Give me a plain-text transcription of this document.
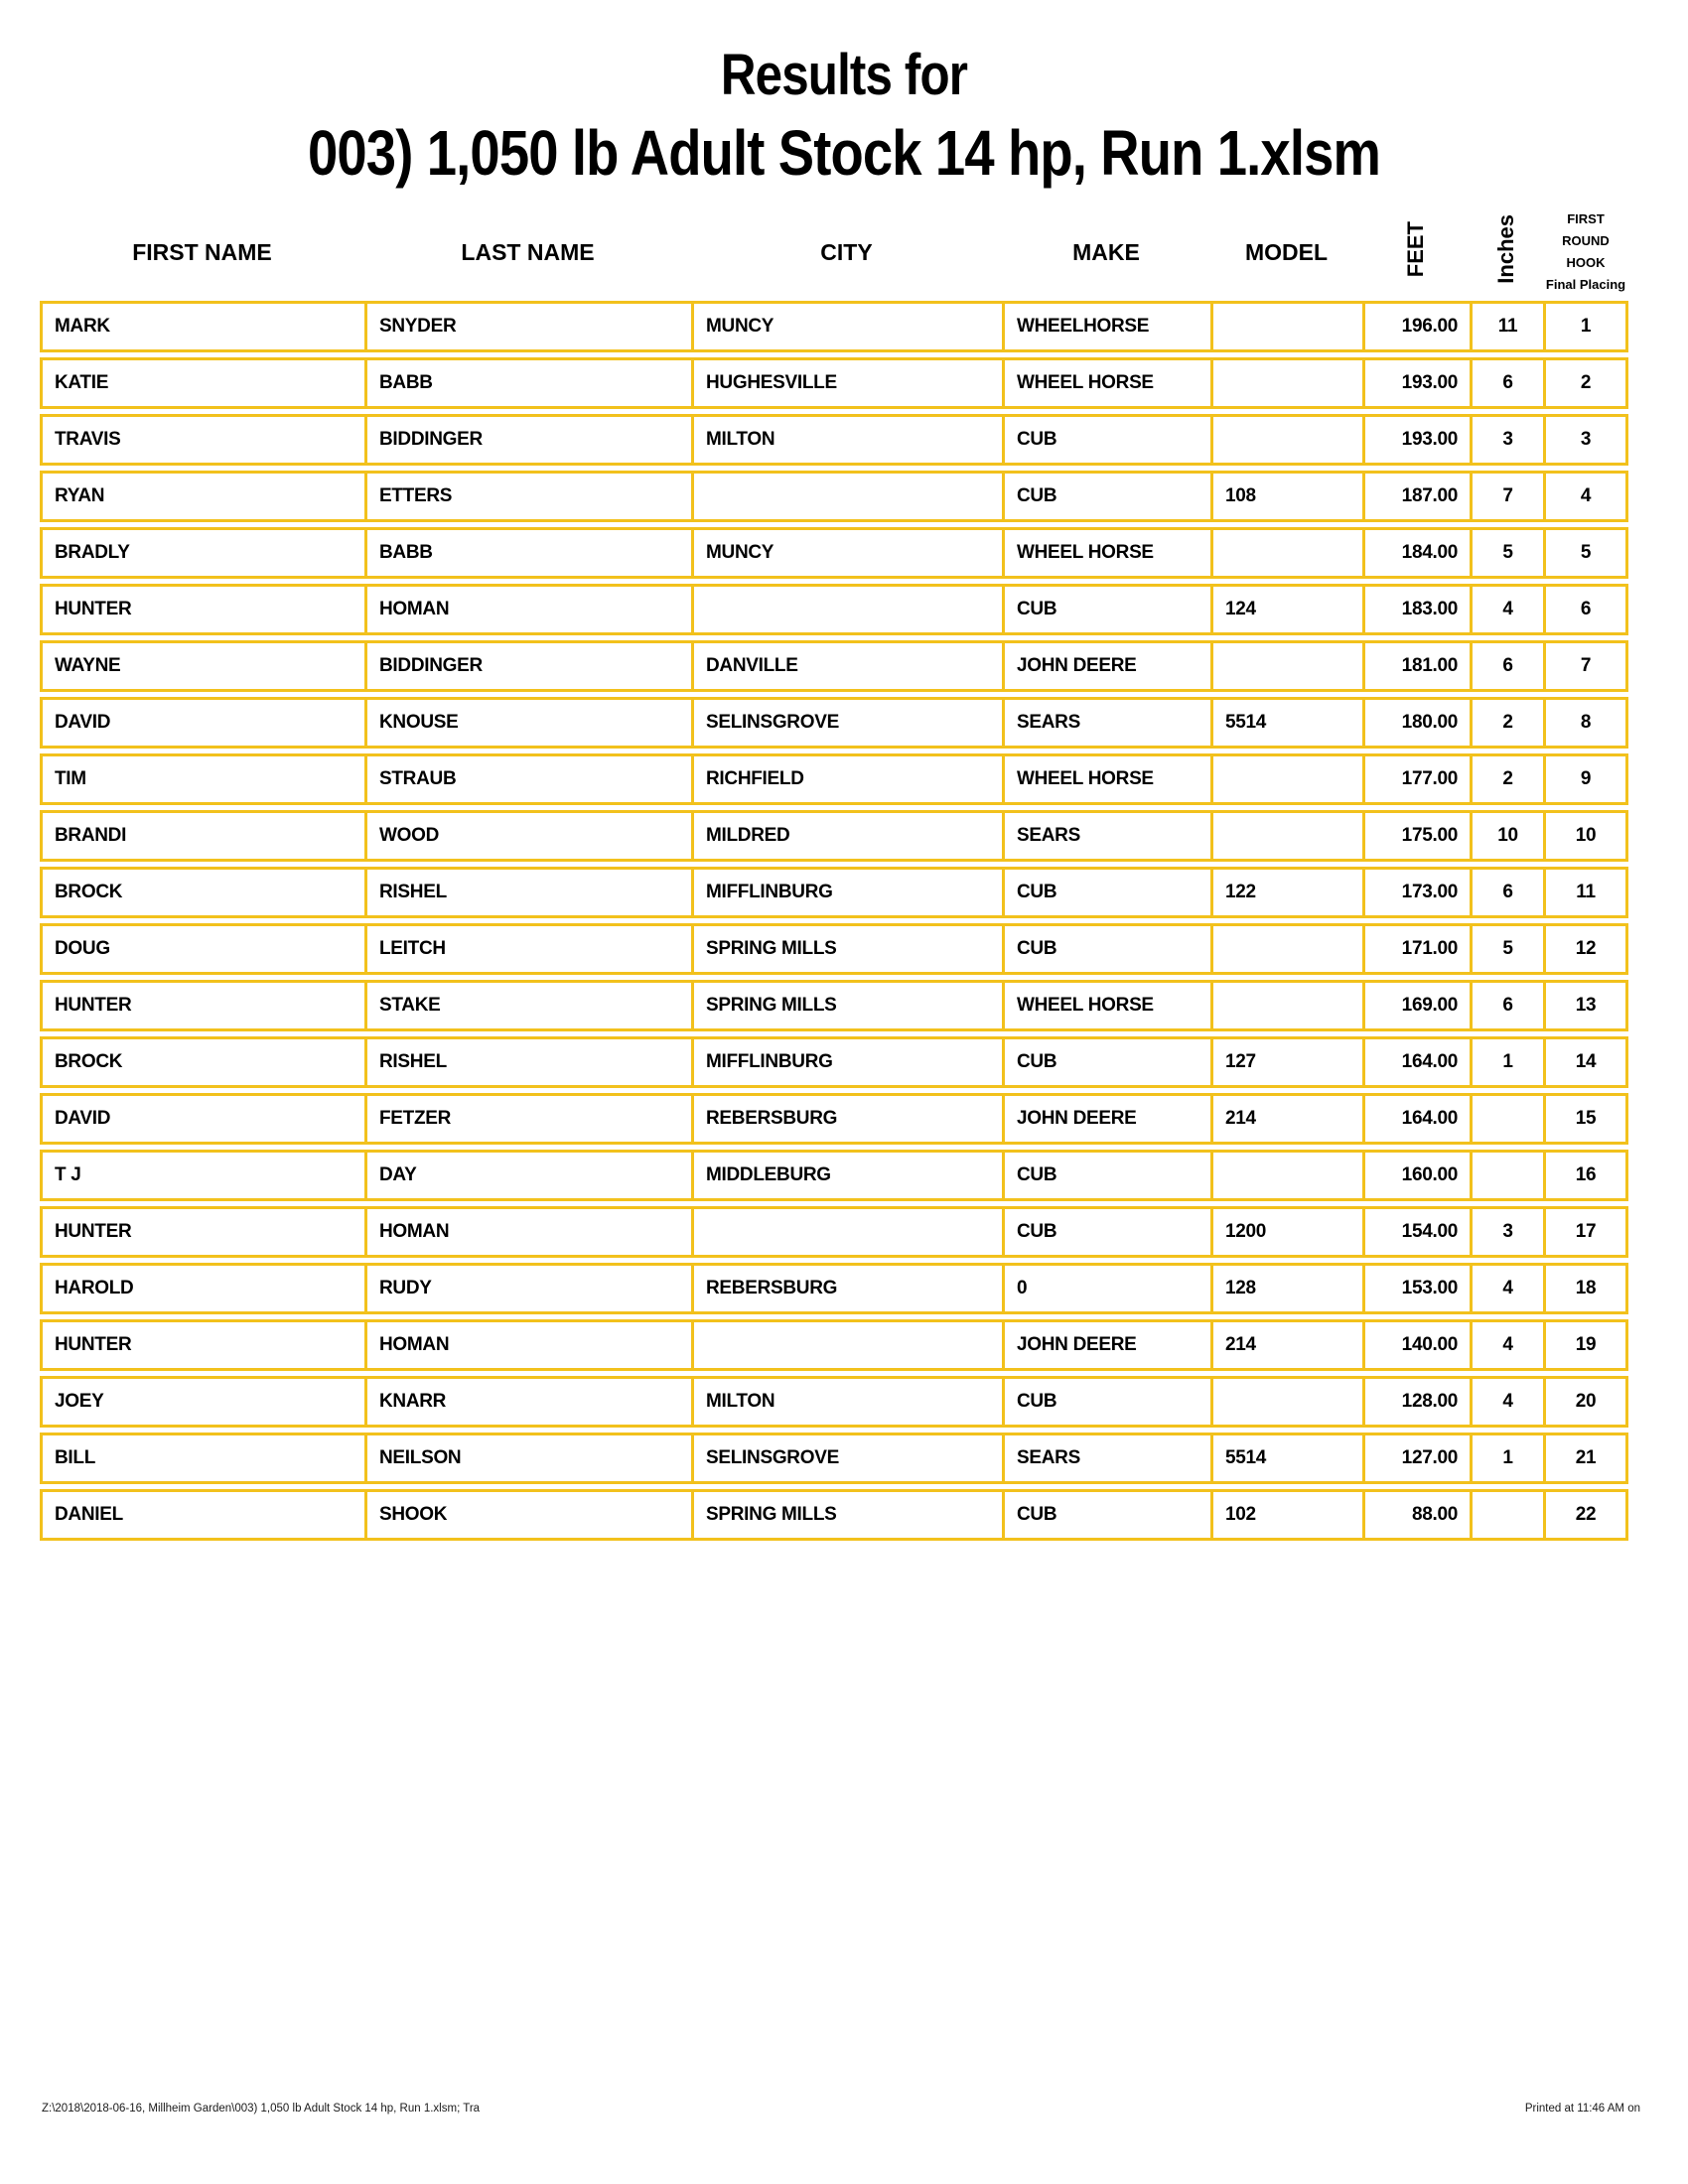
Results for
003) 1,050 lb Adult Stock 14 hp, Run 1.xlsm
FIRST NAME	LAST NAME	CITY	MAKE	MODEL	FEET	Inches	FIRST ROUND
HOOK
Final Placing

MARK	SNYDER	MUNCY	WHEELHORSE		196.00	11	1
KATIE	BABB	HUGHESVILLE	WHEEL HORSE		193.00	6	2
TRAVIS	BIDDINGER	MILTON	CUB		193.00	3	3
RYAN	ETTERS		CUB	108	187.00	7	4
BRADLY	BABB	MUNCY	WHEEL HORSE		184.00	5	5
HUNTER	HOMAN		CUB	124	183.00	4	6
WAYNE	BIDDINGER	DANVILLE	JOHN DEERE		181.00	6	7
DAVID	KNOUSE	SELINSGROVE	SEARS	5514	180.00	2	8
TIM	STRAUB	RICHFIELD	WHEEL HORSE		177.00	2	9
BRANDI	WOOD	MILDRED	SEARS		175.00	10	10
BROCK	RISHEL	MIFFLINBURG	CUB	122	173.00	6	11
DOUG	LEITCH	SPRING MILLS	CUB		171.00	5	12
HUNTER	STAKE	SPRING MILLS	WHEEL HORSE		169.00	6	13
BROCK	RISHEL	MIFFLINBURG	CUB	127	164.00	1	14
DAVID	FETZER	REBERSBURG	JOHN DEERE	214	164.00		15
T J	DAY	MIDDLEBURG	CUB		160.00		16
HUNTER	HOMAN		CUB	1200	154.00	3	17
HAROLD	RUDY	REBERSBURG	0	128	153.00	4	18
HUNTER	HOMAN		JOHN DEERE	214	140.00	4	19
JOEY	KNARR	MILTON	CUB		128.00	4	20
BILL	NEILSON	SELINSGROVE	SEARS	5514	127.00	1	21
DANIEL	SHOOK	SPRING MILLS	CUB	102	88.00		22
Z:\2018\2018-06-16, Millheim Garden\003) 1,050 lb Adult Stock 14 hp, Run 1.xlsm; Tra	Printed at 11:46 AM on
